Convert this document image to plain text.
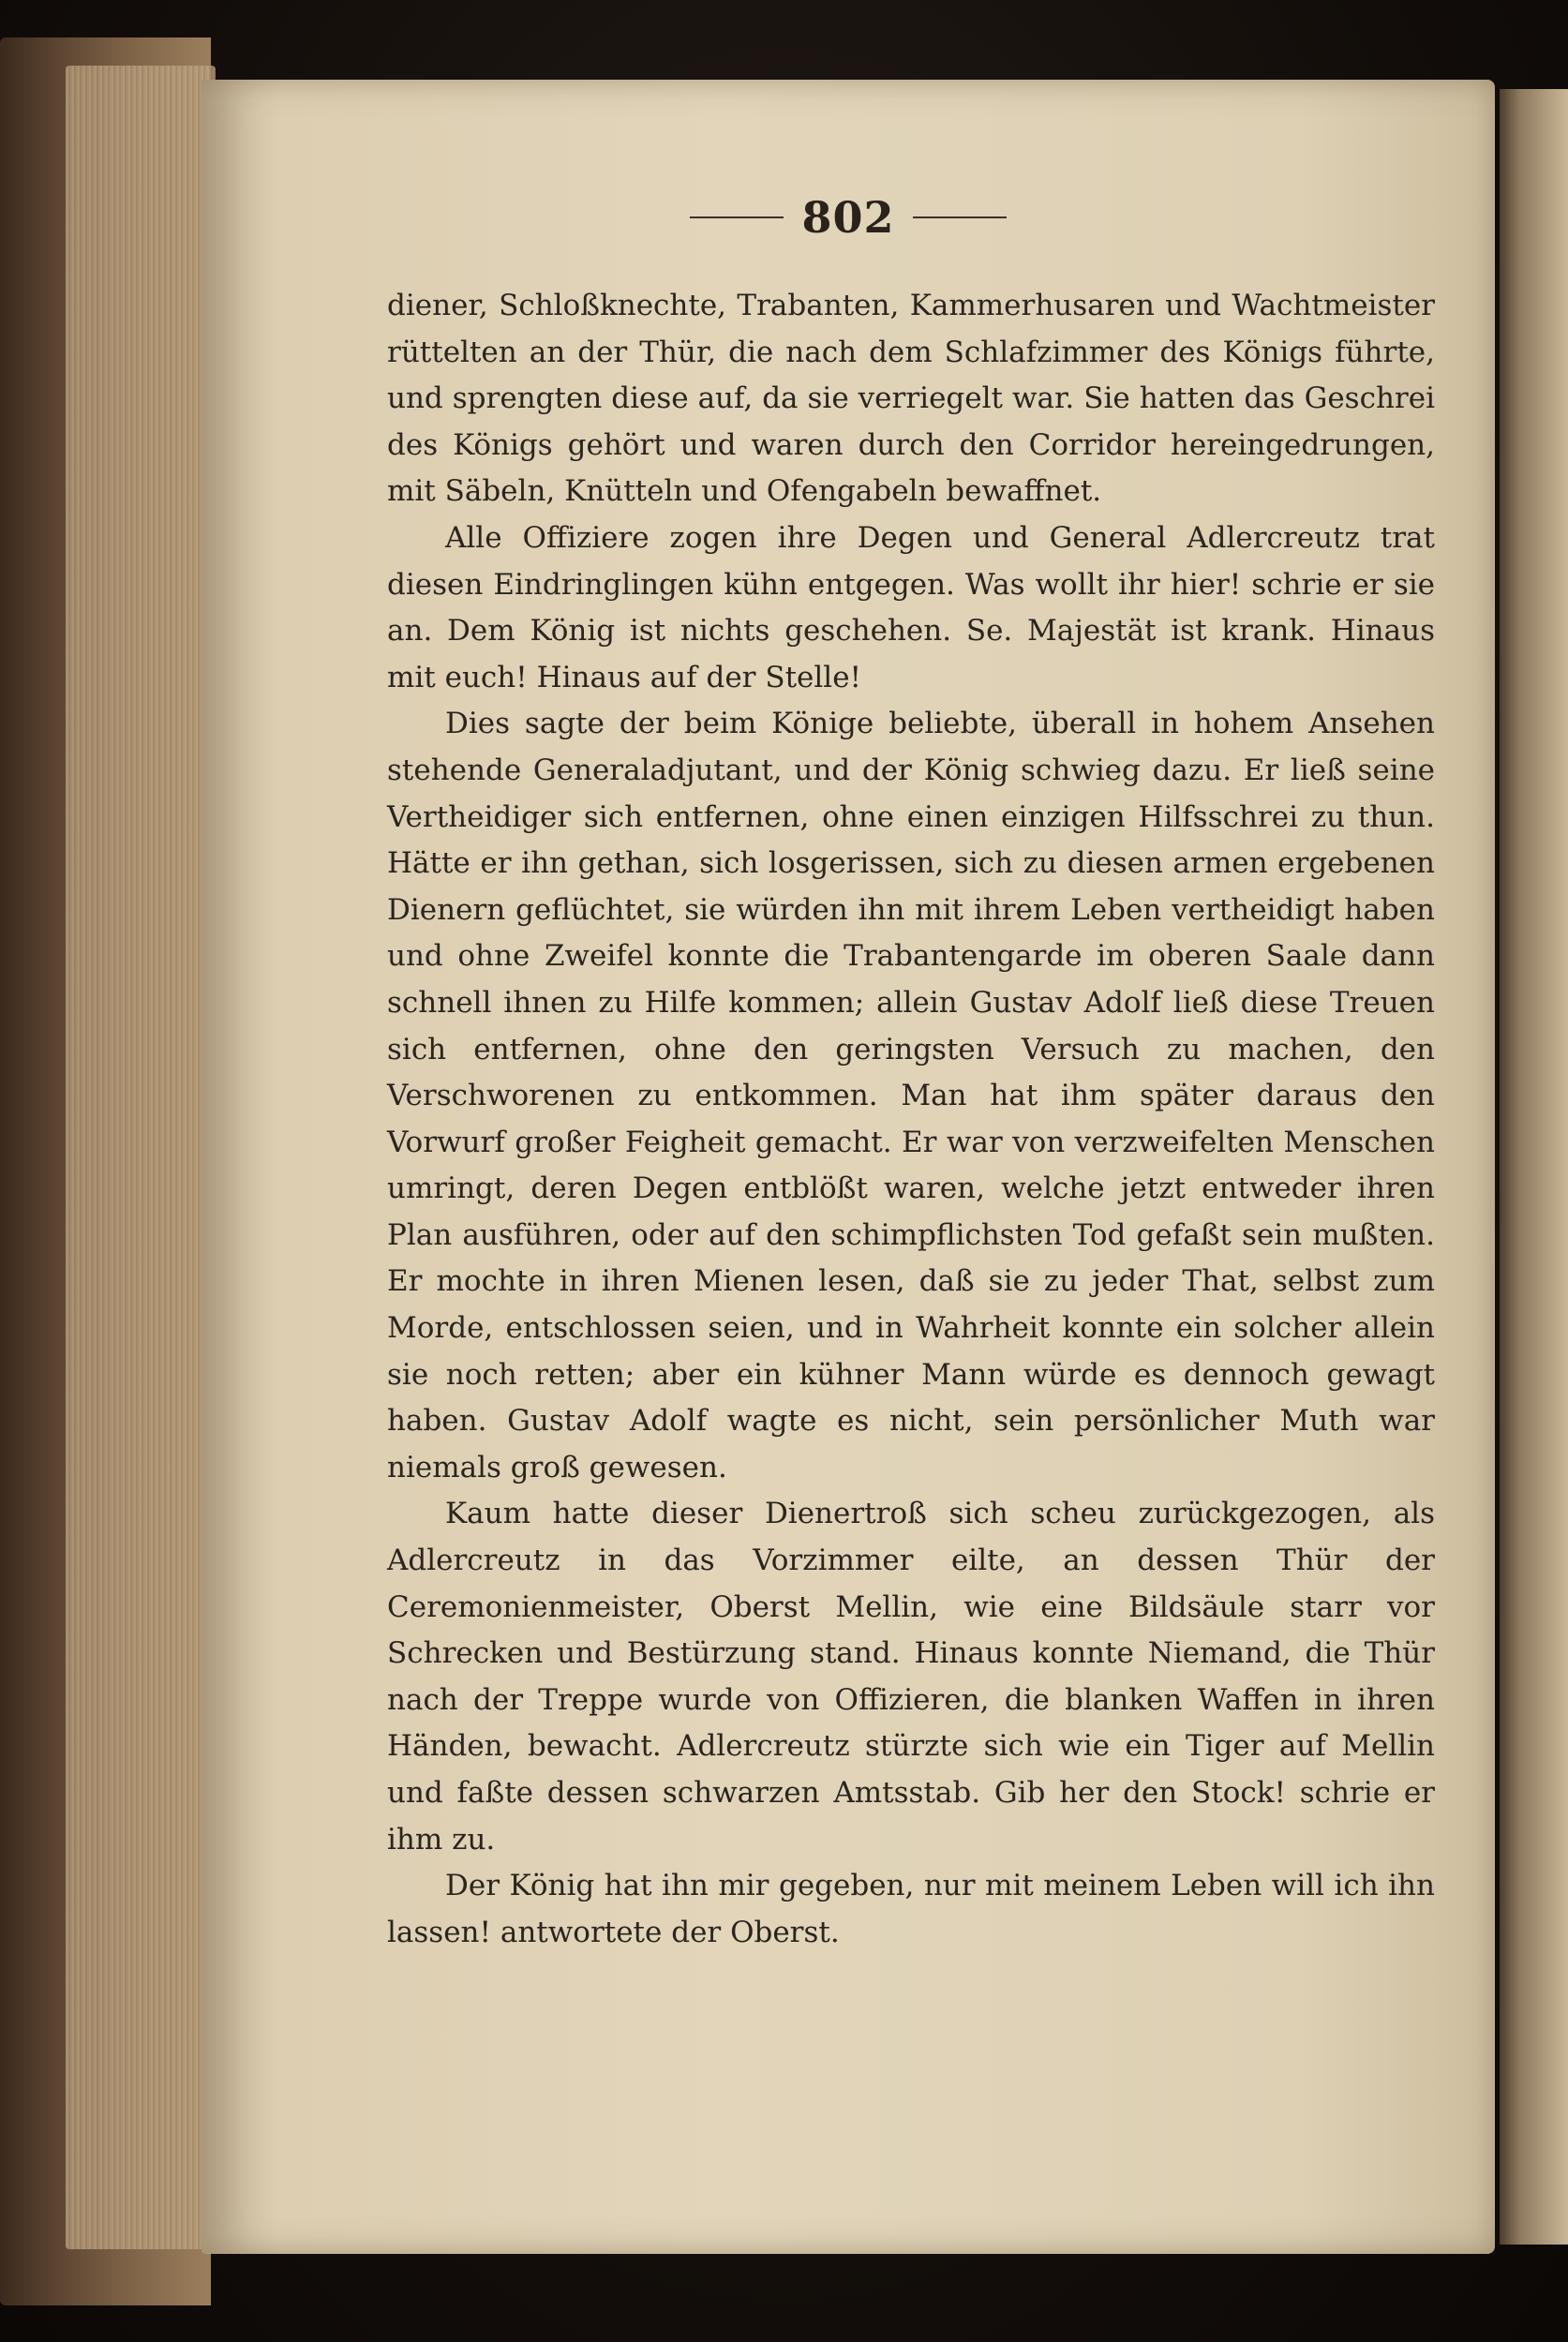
802

diener, Schloßknechte, Trabanten, Kammerhusaren und Wachtmeister rüttelten an der Thür, die nach dem Schlafzimmer des Königs führte, und sprengten diese auf, da sie verriegelt war. Sie hatten das Geschrei des Königs gehört und waren durch den Corridor hereingedrungen, mit Säbeln, Knütteln und Ofengabeln bewaffnet.

Alle Offiziere zogen ihre Degen und General Adlercreutz trat diesen Eindringlingen kühn entgegen. Was wollt ihr hier! schrie er sie an. Dem König ist nichts geschehen. Se. Majestät ist krank. Hinaus mit euch! Hinaus auf der Stelle!

Dies sagte der beim Könige beliebte, überall in hohem Ansehen stehende Generaladjutant, und der König schwieg dazu. Er ließ seine Vertheidiger sich entfernen, ohne einen einzigen Hilfsschrei zu thun. Hätte er ihn gethan, sich losgerissen, sich zu diesen armen ergebenen Dienern geflüchtet, sie würden ihn mit ihrem Leben vertheidigt haben und ohne Zweifel konnte die Trabantengarde im oberen Saale dann schnell ihnen zu Hilfe kommen; allein Gustav Adolf ließ diese Treuen sich entfernen, ohne den geringsten Versuch zu machen, den Verschworenen zu entkommen. Man hat ihm später daraus den Vorwurf großer Feigheit gemacht. Er war von verzweifelten Menschen umringt, deren Degen entblößt waren, welche jetzt entweder ihren Plan ausführen, oder auf den schimpflichsten Tod gefaßt sein mußten. Er mochte in ihren Mienen lesen, daß sie zu jeder That, selbst zum Morde, entschlossen seien, und in Wahrheit konnte ein solcher allein sie noch retten; aber ein kühner Mann würde es dennoch gewagt haben. Gustav Adolf wagte es nicht, sein persönlicher Muth war niemals groß gewesen.

Kaum hatte dieser Dienertroß sich scheu zurückgezogen, als Adlercreutz in das Vorzimmer eilte, an dessen Thür der Ceremonienmeister, Oberst Mellin, wie eine Bildsäule starr vor Schrecken und Bestürzung stand. Hinaus konnte Niemand, die Thür nach der Treppe wurde von Offizieren, die blanken Waffen in ihren Händen, bewacht. Adlercreutz stürzte sich wie ein Tiger auf Mellin und faßte dessen schwarzen Amtsstab. Gib her den Stock! schrie er ihm zu.

Der König hat ihn mir gegeben, nur mit meinem Leben will ich ihn lassen! antwortete der Oberst.
